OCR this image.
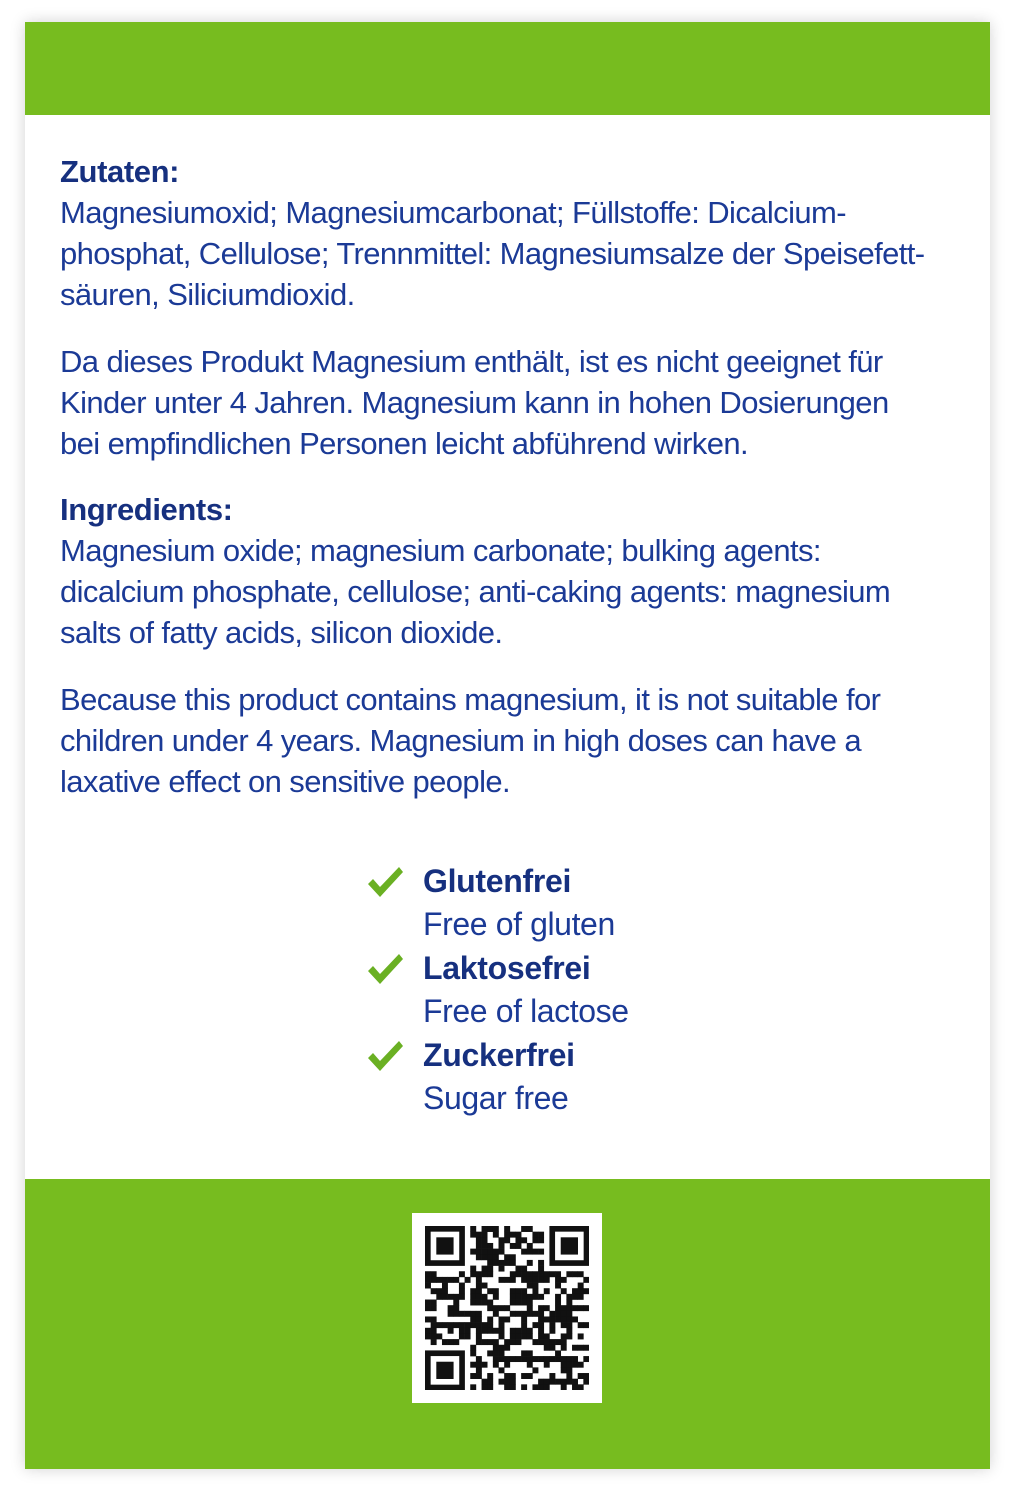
Zutaten:

Magnesiumoxid; Magnesiumcarbonat; Füllstoffe: Dicalcium-

phosphat, Cellulose; Trennmittel: Magnesiumsalze der Speisefett-

säuren, Siliciumdioxid.

Da dieses Produkt Magnesium enthält, ist es nicht geeignet für

Kinder unter 4 Jahren. Magnesium kann in hohen Dosierungen

bei empfindlichen Personen leicht abführend wirken.

Ingredients:

Magnesium oxide; magnesium carbonate; bulking agents:

dicalcium phosphate, cellulose; anti-caking agents: magnesium

salts of fatty acids, silicon dioxide.

Because this product contains magnesium, it is not suitable for

children under 4 years. Magnesium in high doses can have a

laxative effect on sensitive people.

Glutenfrei
Free of gluten
Laktosefrei
Free of lactose
Zuckerfrei
Sugar free
